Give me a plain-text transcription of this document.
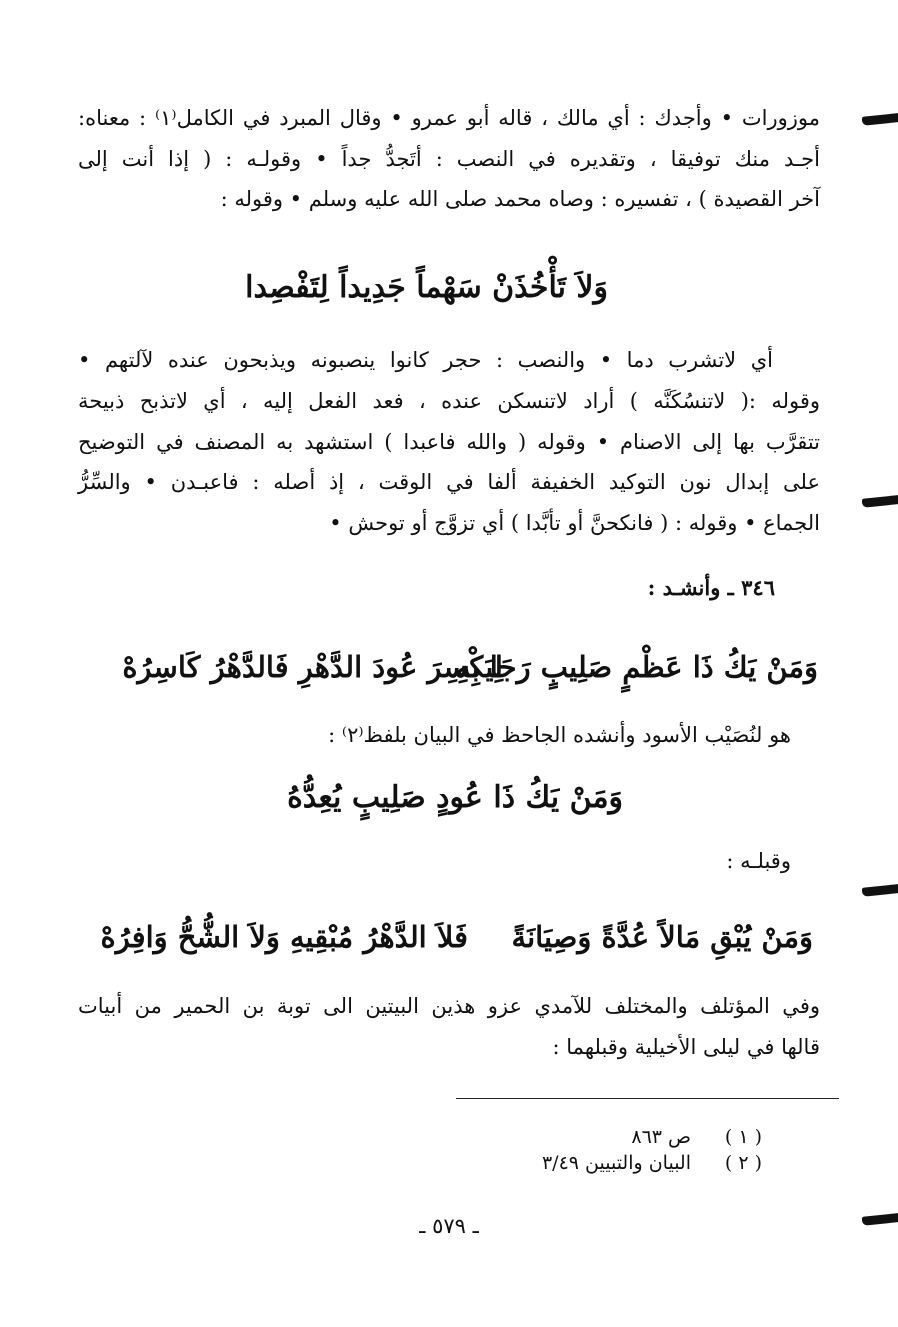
موزورات • وأجدك : أي مالك ، قاله أبو عمرو • وقال المبرد في الكامل⁽١⁾ : معناه:
أجـد منك توفيقا ، وتقديره في النصب : أتَجدُّ جداً • وقولـه : ( إذا أنت إلى
آخر القصيدة ) ، تفسيره : وصاه محمد صلى الله عليه وسلم • وقوله :
وَلاَ تَأْخُذَنْ سَهْماً جَدِيداً لِتَفْصِدا
أي لاتشرب دما • والنصب : حجر كانوا ينصبونه ويذبحون عنده لآلتهم •
وقوله :( لاتنسُكَنَّه ) أراد لاتنسكن عنده ، فعد الفعل إليه ، أي لاتذبح ذبيحة
تتقرَّب بها إلى الاصنام • وقوله ( والله فاعبدا ) استشهد به المصنف في التوضيح
على إبدال نون التوكيد الخفيفة ألفا في الوقت ، إذ أصله : فاعبـدن • والسِّرُّ
الجماع • وقوله : ( فانكحنَّ أو تأبَّدا ) أي تزوَّج أو توحش •
٣٤٦ ـ وأنشـد :
وَمَنْ يَكُ ذَا عَظْمٍ صَلِيبٍ رَجَا بِهِ
لِيَكْسِرَ عُودَ الدَّهْرِ فَالدَّهْرُ كَاسِرُهْ
هو لنُصَيْب الأسود وأنشده الجاحظ في البيان بلفظ⁽٢⁾ :
وَمَنْ يَكُ ذَا عُودٍ صَلِيبٍ يُعِدُّهُ
وقبلـه :
وَمَنْ يُبْقِ مَالاً عُدَّةً وَصِيَانَةً
فَلاَ الدَّهْرُ مُبْقِيهِ وَلاَ الشُّحُّ وَافِرُهْ
وفي المؤتلف والمختلف للآمدي عزو هذين البيتين الى توبة بن الحمير من أبيات
قالها في ليلى الأخيلية وقبلهما :
( ١ )
ص ٨٦٣
( ٢ )
البيان والتبيين ٣/٤٩
ـ ٥٧٩ ـ
